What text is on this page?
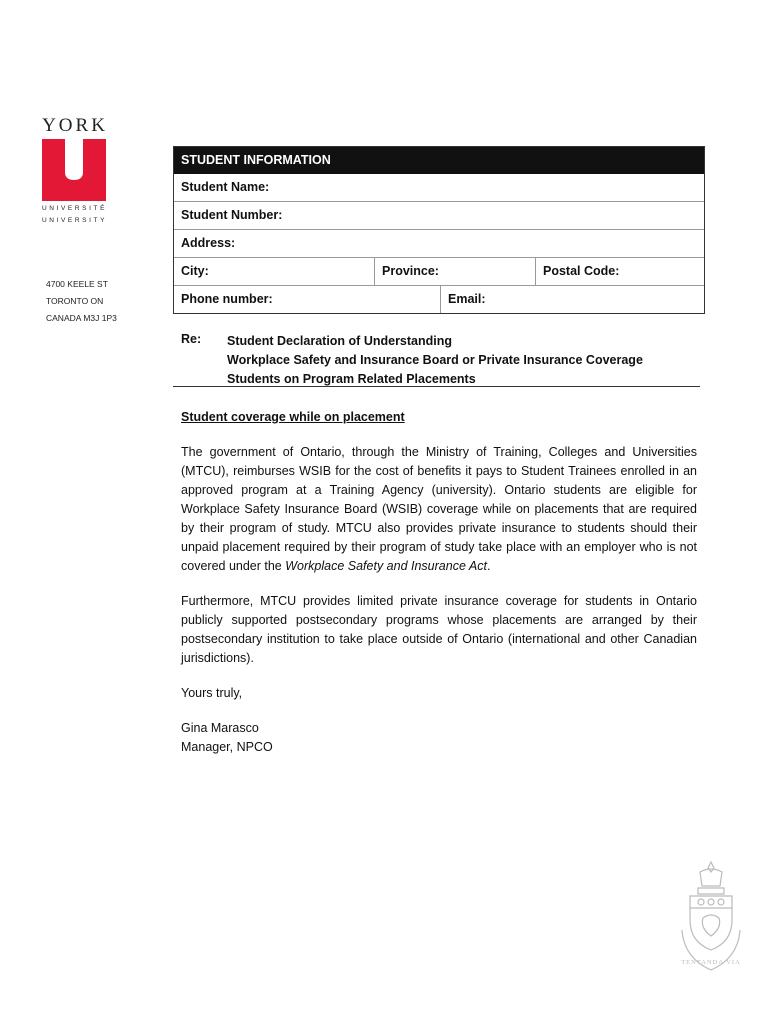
YORK
UNIVERSITÉ
UNIVERSITY
4700 KEELE ST
TORONTO ON
CANADA M3J 1P3
STUDENT INFORMATION
Student Name:
Student Number:
Address:
City:	Province:	Postal Code:
Phone number:	Email:
Re: Student Declaration of Understanding
Workplace Safety and Insurance Board or Private Insurance Coverage
Students on Program Related Placements
Student coverage while on placement

The government of Ontario, through the Ministry of Training, Colleges and Universities (MTCU), reimburses WSIB for the cost of benefits it pays to Student Trainees enrolled in an approved program at a Training Agency (university). Ontario students are eligible for Workplace Safety Insurance Board (WSIB) coverage while on placements that are required by their program of study. MTCU also provides private insurance to students should their unpaid placement required by their program of study take place with an employer who is not covered under the Workplace Safety and Insurance Act.

Furthermore, MTCU provides limited private insurance coverage for students in Ontario publicly supported postsecondary programs whose placements are arranged by their postsecondary institution to take place outside of Ontario (international and other Canadian jurisdictions).

Yours truly,

Gina Marasco
Manager, NPCO
TENTANDA VIA
